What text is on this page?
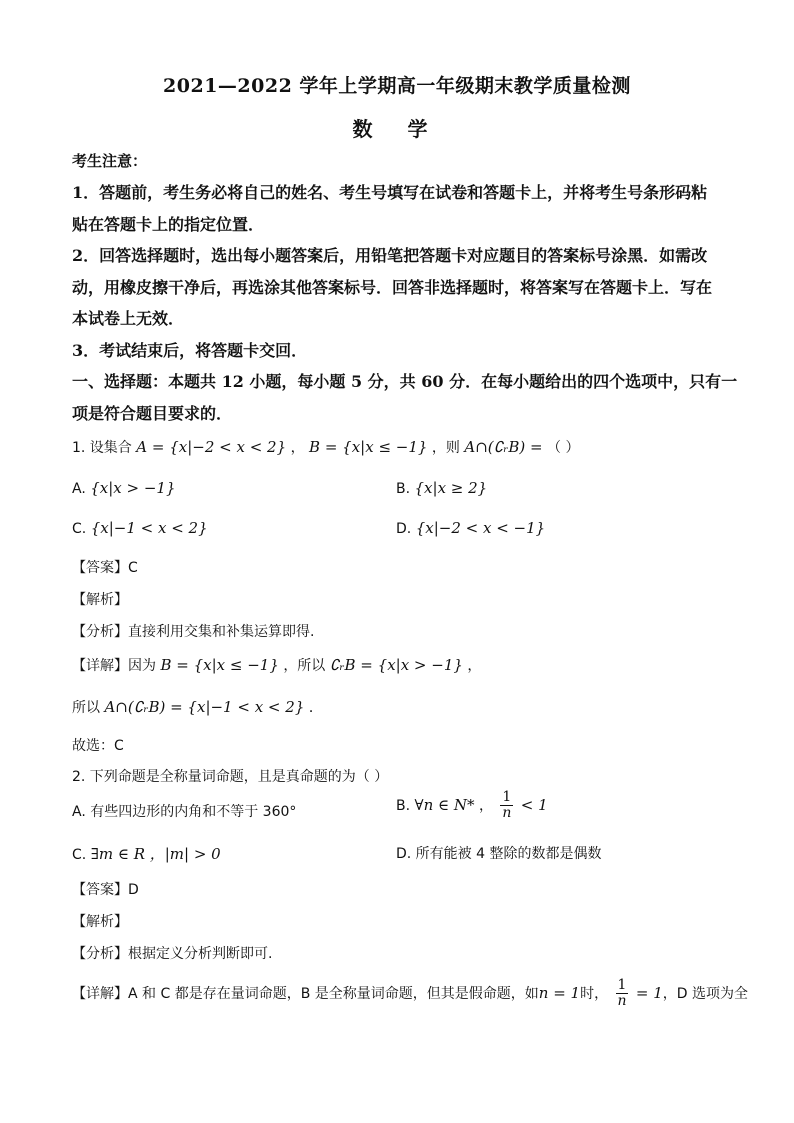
2021—2022 学年上学期高一年级期末教学质量检测
数 学
考生注意：
1．答题前，考生务必将自己的姓名、考生号填写在试卷和答题卡上，并将考生号条形码粘
贴在答题卡上的指定位置．
2．回答选择题时，选出每小题答案后，用铅笔把答题卡对应题目的答案标号涂黑．如需改
动，用橡皮擦干净后，再选涂其他答案标号．回答非选择题时，将答案写在答题卡上．写在
本试卷上无效．
3．考试结束后，将答题卡交回．
一、选择题：本题共 12 小题，每小题 5 分，共 60 分．在每小题给出的四个选项中，只有一
项是符合题目要求的．
1. 设集合 A = {x|−2 < x < 2} ， B = {x|x ≤ −1} ，则 A∩(∁ᵣB) = （ ）
A. {x|x > −1}	B. {x|x ≥ 2}
C. {x|−1 < x < 2}	D. {x|−2 < x < −1}
【答案】C
【解析】
【分析】直接利用交集和补集运算即得.
【详解】因为 B = {x|x ≤ −1} ，所以 ∁ᵣB = {x|x > −1} ，
所以 A∩(∁ᵣB) = {x|−1 < x < 2} ．
故选：C
2. 下列命题是全称量词命题，且是真命题的为（ ）
A. 有些四边形的内角和不等于 360°	B. ∀n ∈ N* ， $\frac{1}{n} < 1$
C. ∃m ∈ R ，|m| > 0	D. 所有能被 4 整除的数都是偶数
【答案】D
【解析】
【分析】根据定义分析判断即可.
【详解】A 和 C 都是存在量词命题，B 是全称量词命题，但其是假命题，如n = 1时， $\frac{1}{n} = 1$，D 选项为全
